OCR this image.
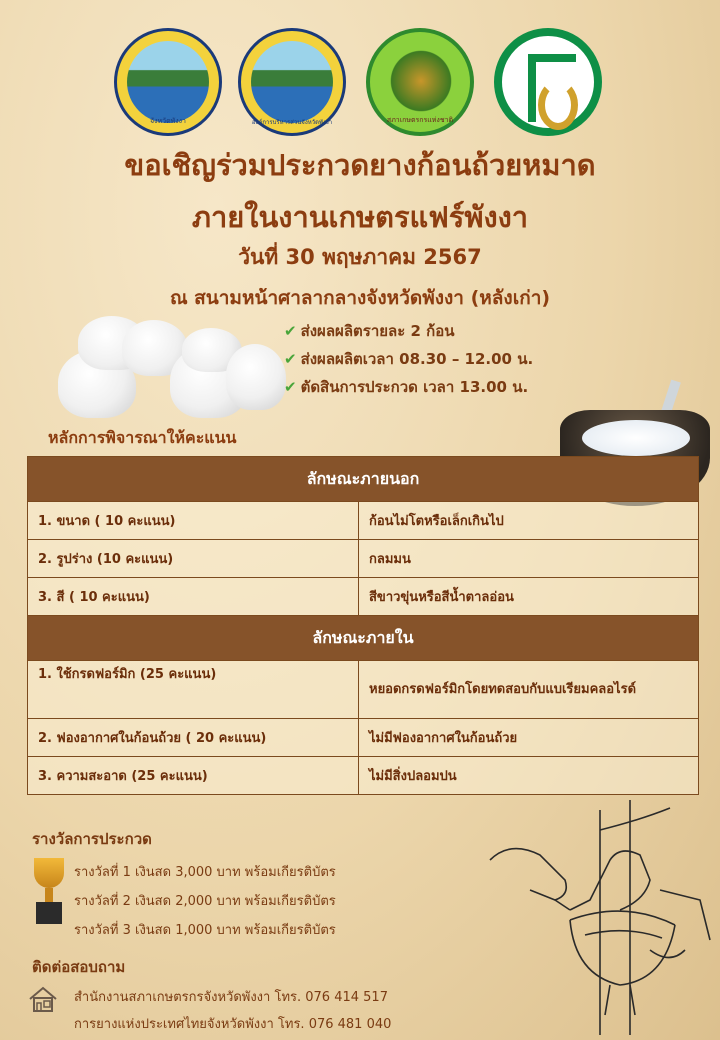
จังหวัดพังงา	องค์การบริหารส่วนจังหวัดพังงา	สภาเกษตรกรแห่งชาติ
ขอเชิญร่วมประกวดยางก้อนถ้วยหมาด
ภายในงานเกษตรแฟร์พังงา
วันที่ 30 พฤษภาคม 2567
ณ สนามหน้าศาลากลางจังหวัดพังงา (หลังเก่า)
✔ ส่งผลผลิตรายละ 2 ก้อน
✔ ส่งผลผลิตเวลา 08.30 – 12.00 น.
✔ ตัดสินการประกวด เวลา 13.00 น.
หลักการพิจารณาให้คะแนน
ลักษณะภายนอก	
1. ขนาด ( 10 คะแนน)	ก้อนไม่โตหรือเล็กเกินไป
2. รูปร่าง (10 คะแนน)	กลมมน
3. สี ( 10 คะแนน)	สีขาวขุ่นหรือสีน้ำตาลอ่อน
ลักษณะภายใน	
1. ใช้กรดฟอร์มิก (25 คะแนน)	หยอดกรดฟอร์มิกโดยทดสอบกับแบเรียมคลอไรด์
2. ฟองอากาศในก้อนถ้วย ( 20 คะแนน)	ไม่มีฟองอากาศในก้อนถ้วย
3. ความสะอาด (25 คะแนน)	ไม่มีสิ่งปลอมปน
รางวัลการประกวด
รางวัลที่ 1 เงินสด 3,000 บาท พร้อมเกียรติบัตร
รางวัลที่ 2 เงินสด 2,000 บาท พร้อมเกียรติบัตร
รางวัลที่ 3 เงินสด 1,000 บาท พร้อมเกียรติบัตร
ติดต่อสอบถาม
สำนักงานสภาเกษตรกรจังหวัดพังงา โทร. 076 414 517
การยางแห่งประเทศไทยจังหวัดพังงา โทร. 076 481 040
